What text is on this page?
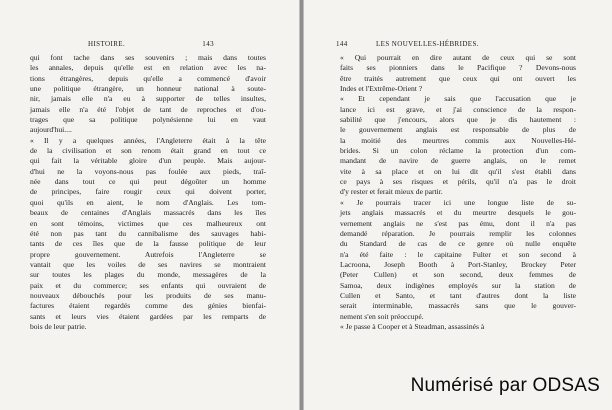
HISTOIRE.	143
qui font tache dans ses souvenirs ; mais dans toutes
les annales, depuis qu'elle est en relation avec les na-
tions étrangères, depuis qu'elle a commencé d'avoir
une politique étrangère, un honneur national à soute-
nir, jamais elle n'a eu à supporter de telles insultes,
jamais elle n'a été l'objet de tant de reproches et d'ou-
trages que sa politique polynésienne lui en vaut
aujourd'hui....
« Il y a quelques années, l'Angleterre était à la tête
de la civilisation et son renom était grand en tout ce
qui fait la véritable gloire d'un peuple. Mais aujour-
d'hui ne la voyons-nous pas foulée aux pieds, traî-
née dans tout ce qui peut dégoûter un homme
de principes, faire rougir ceux qui doivent porter,
quoi qu'ils en aient, le nom d'Anglais. Les tom-
beaux de centaines d'Anglais massacrés dans les îles
en sont témoins, victimes que ces malheureux ont
été non pas tant du cannibalisme des sauvages habi-
tants de ces îles que de la fausse politique de leur
propre gouvernement. Autrefois l'Angleterre se
vantait que les voiles de ses navires se montraient
sur toutes les plages du monde, messagères de la
paix et du commerce; ses enfants qui ouvraient de
nouveaux débouchés pour les produits de ses manu-
factures étaient regardés comme des génies bienfai-
sants et leurs vies étaient gardées par les remparts de
bois de leur patrie.
144	LES NOUVELLES-HÉBRIDES.
« Qui pourrait en dire autant de ceux qui se sont
faits ses pionniers dans le Pacifique ? Devons-nous
être traités autrement que ceux qui ont ouvert les
Indes et l'Extrême-Orient ?
« Et cependant je sais que l'accusation que je
lance ici est grave, et j'ai conscience de la respon-
sabilité que j'encours, alors que je dis hautement :
le gouvernement anglais est responsable de plus de
la moitié des meurtres commis aux Nouvelles-Hé-
brides. Si un colon réclame la protection d'un com-
mandant de navire de guerre anglais, on le remet
vite à sa place et on lui dit qu'il s'est établi dans
ce pays à ses risques et périls, qu'il n'a pas le droit
d'y rester et ferait mieux de partir.
« Je pourrais tracer ici une longue liste de su-
jets anglais massacrés et du meurtre desquels le gou-
vernement anglais ne s'est pas ému, dont il n'a pas
demandé réparation. Je pourrais remplir les colonnes
du Standard de cas de ce genre où nulle enquête
n'a été faite : le capitaine Fulter et son second à
Lacroona, Joseph Booth à Port-Stanley, Brockey Peter
(Peter Cullen) et son second, deux femmes de
Samoa, deux indigènes employés sur la station de
Cullen et Santo, et tant d'autres dont la liste
serait interminable, massacrés sans que le gouver-
nement s'en soit préoccupé.
« Je passe à Cooper et à Steadman, assassinés à
Numérisé par ODSAS
